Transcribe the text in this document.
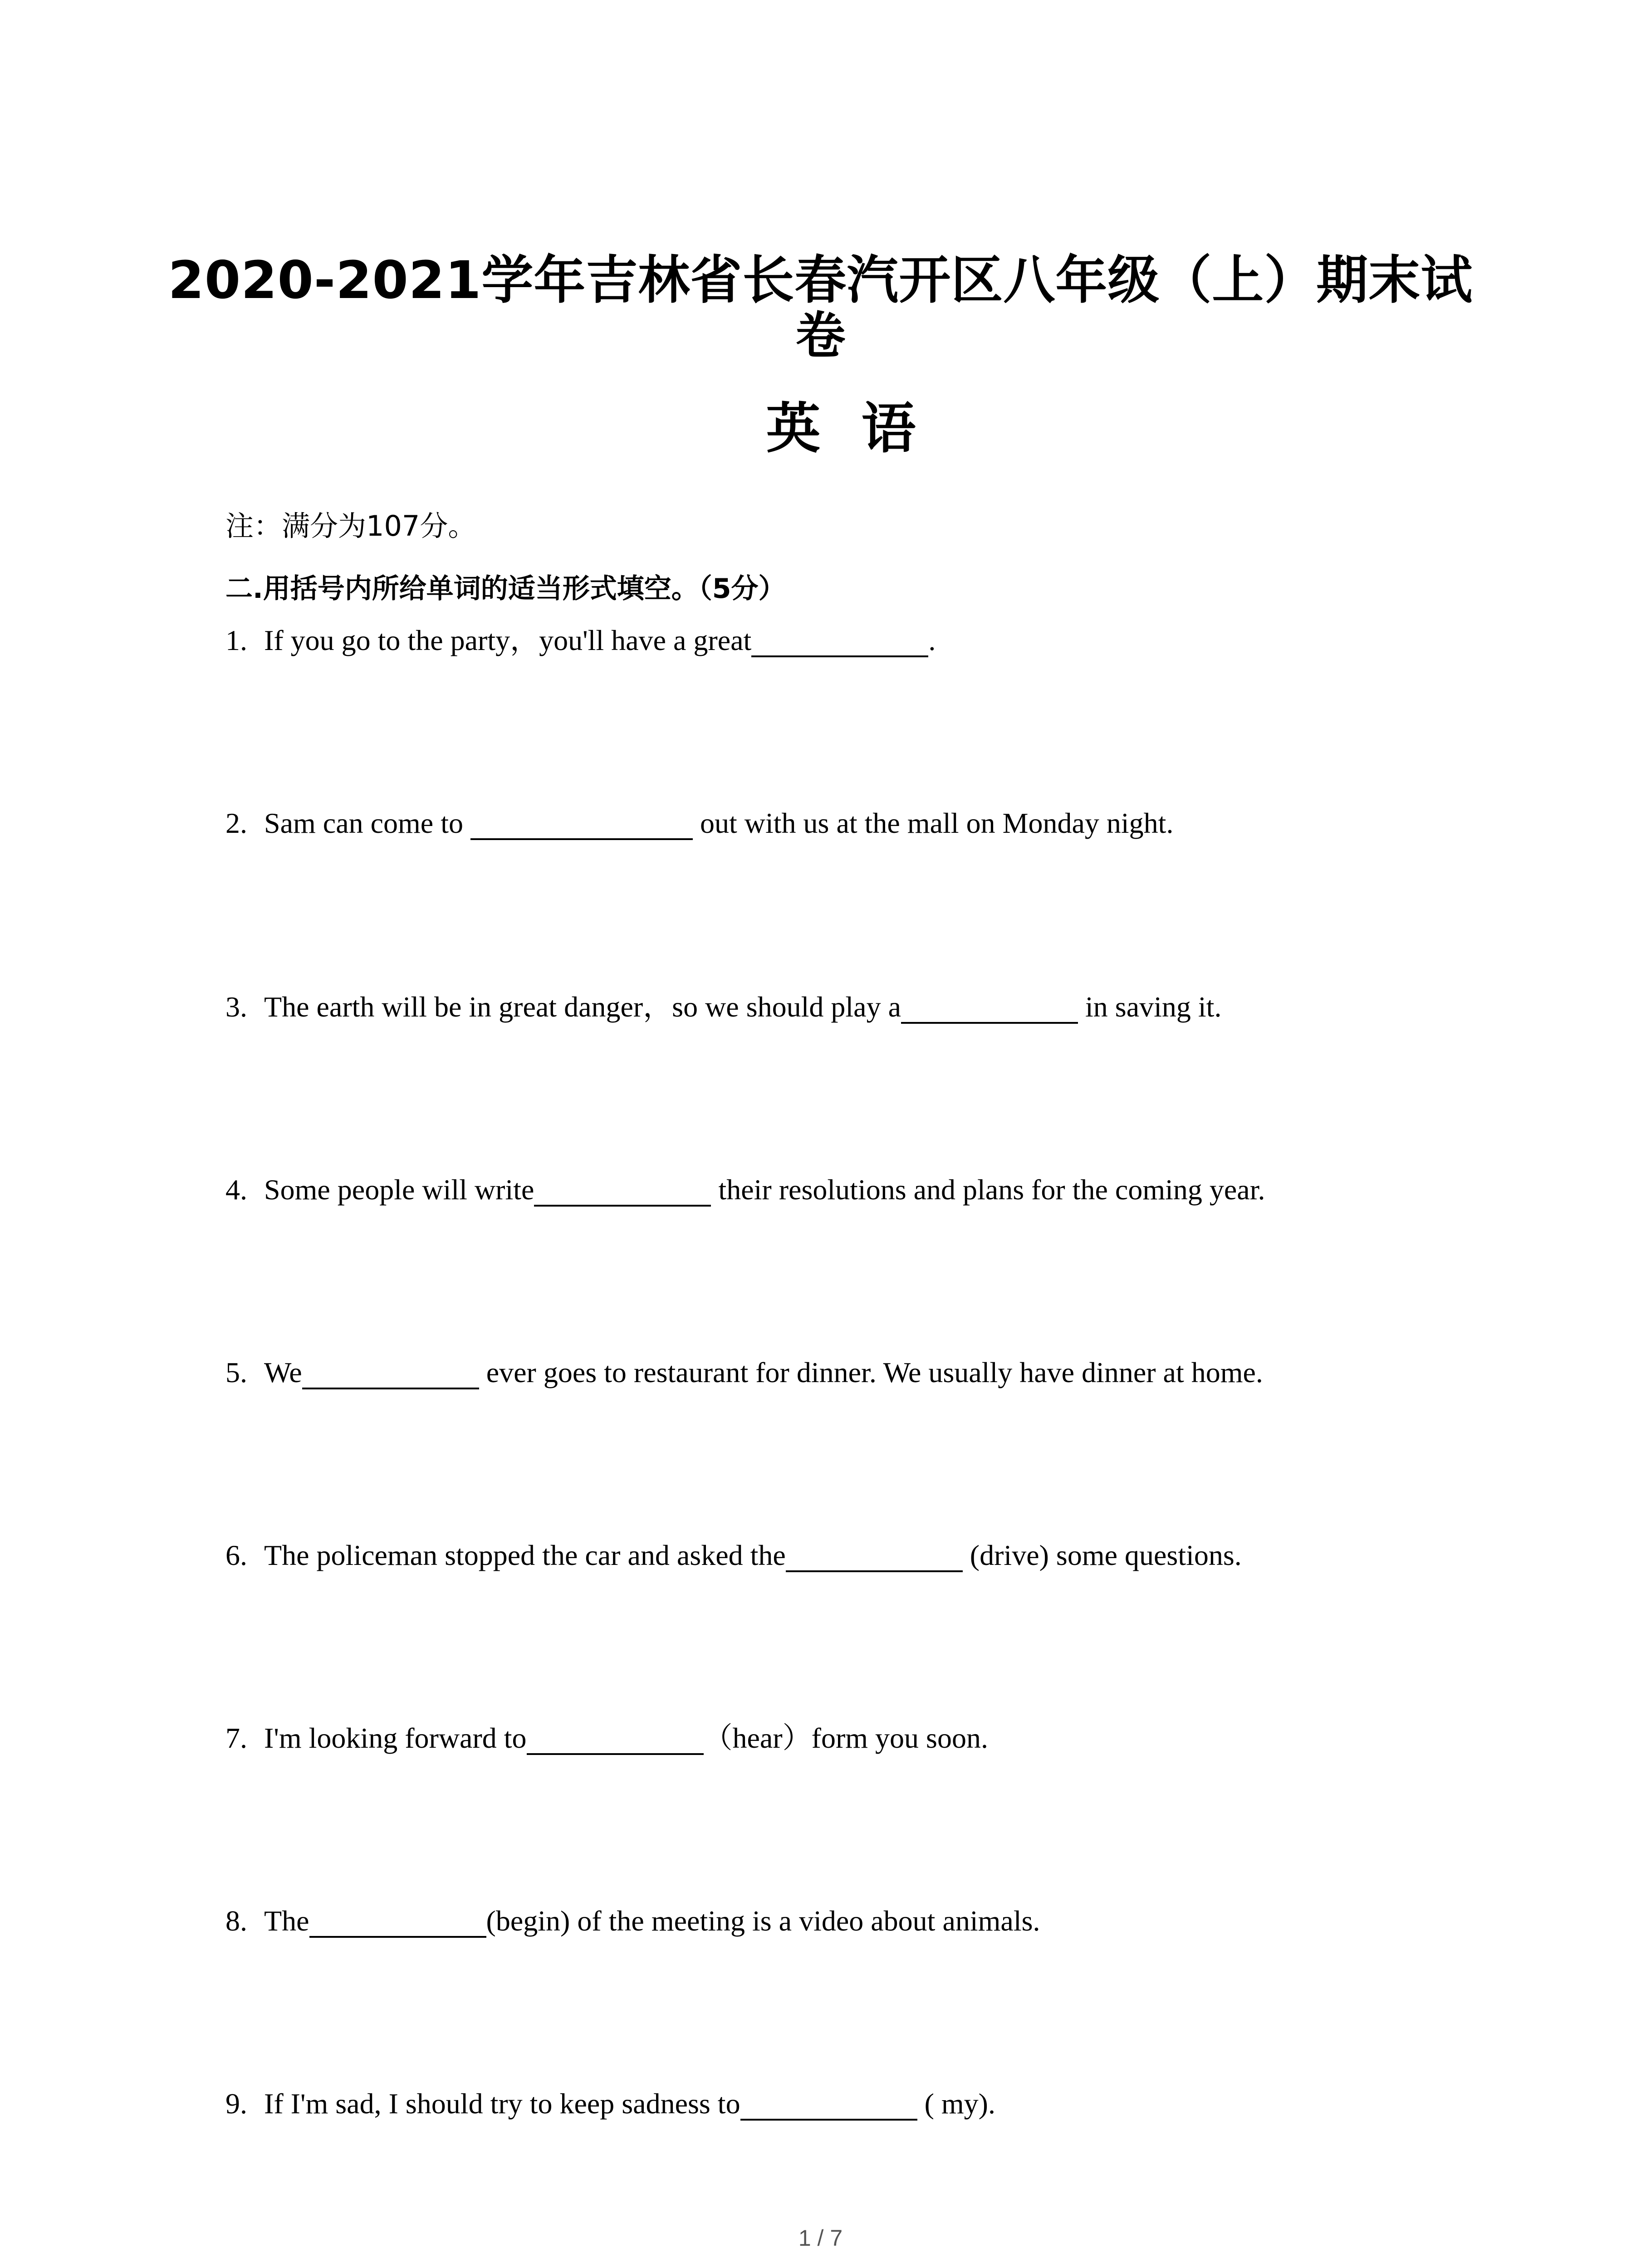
2020-2021学年吉林省长春汽开区八年级（上）期末试
卷
英语
注：满分为107分。
二.用括号内所给单词的适当形式填空。（5分）
1. If you go to the party，you'll have a great	.
2. Sam can come to	out with us at the mall on Monday night.
3. The earth will be in great danger，so we should play a	in saving it.
4. Some people will write	their resolutions and plans for the coming year.
5. We	ever goes to restaurant for dinner. We usually have dinner at home.
6. The policeman stopped the car and asked the	(drive) some questions.
7. I'm looking forward to	（hear）form you soon.
8. The	(begin) of the meeting is a video about animals.
9. If I'm sad, I should try to keep sadness to	( my).
1 / 7
